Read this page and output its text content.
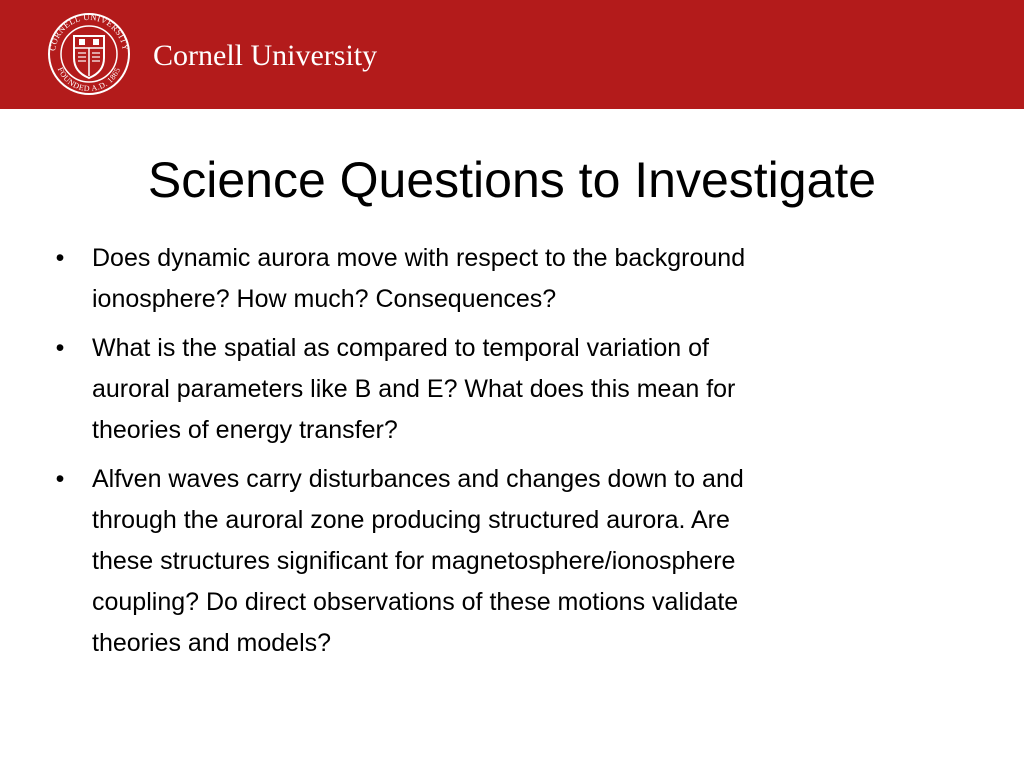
CORNELL UNIVERSITY
FOUNDED A.D. 1865 Cornell University
Science Questions to Investigate
• Does dynamic aurora move with respect to the background
ionosphere? How much? Consequences?
• What is the spatial as compared to temporal variation of
auroral parameters like B and E? What does this mean for
theories of energy transfer?
• Alfven waves carry disturbances and changes down to and
through the auroral zone producing structured aurora. Are
these structures significant for magnetosphere/ionosphere
coupling? Do direct observations of these motions validate
theories and models?
